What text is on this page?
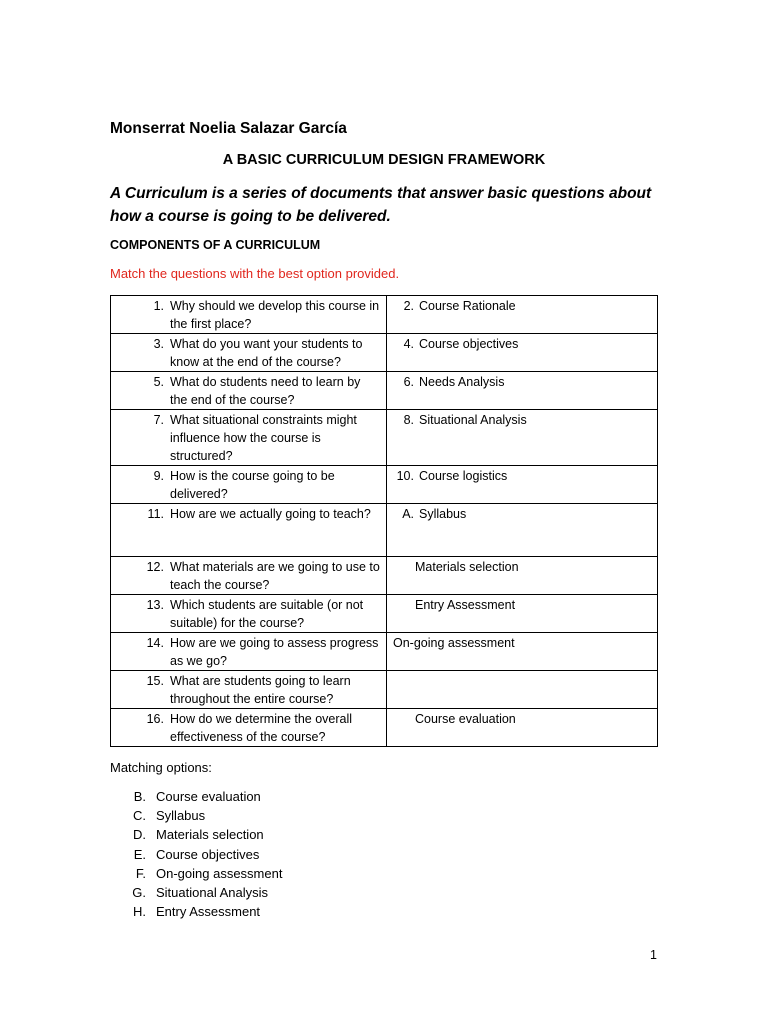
Monserrat Noelia Salazar García
A BASIC CURRICULUM DESIGN FRAMEWORK
A Curriculum is a series of documents that answer basic questions about how a course is going to be delivered.
COMPONENTS OF A CURRICULUM
Match the questions with the best option provided.
1. Why should we develop this course in the first place?	2. Course Rationale

3. What do you want your students to know at the end of the course?	4. Course objectives

5. What do students need to learn by the end of the course?	6. Needs Analysis

7. What situational constraints might influence how the course is structured?	8. Situational Analysis

9. How is the course going to be delivered?	10. Course logistics

11. How are we actually going to teach?	A. Syllabus

12. What materials are we going to use to teach the course?	Materials selection

13. Which students are suitable (or not suitable) for the course?	Entry Assessment

14. How are we going to assess progress as we go?	On-going assessment

15. What are students going to learn throughout the entire course?	

16. How do we determine the overall effectiveness of the course?	Course evaluation
Matching options:
B. Course evaluation
C. Syllabus
D. Materials selection
E. Course objectives
F. On-going assessment
G. Situational Analysis
H. Entry Assessment
1
